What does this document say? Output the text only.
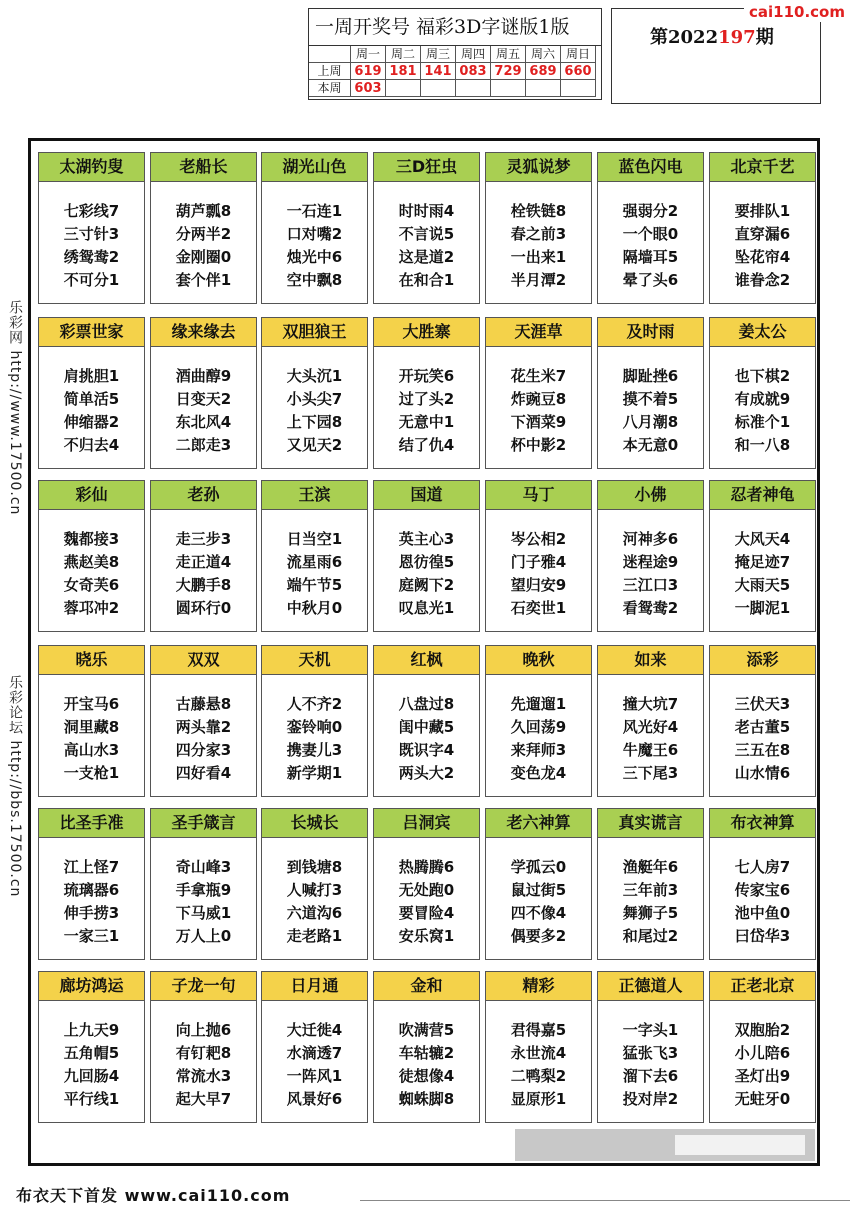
一周开奖号 福彩3D字谜版1版
周一 周二 周三 周四 周五 周六 周日
上周 619 181 141 083 729 689 660
本周 603
第2022197期
cai110.com
乐彩网 http://www.17500.cn
乐彩论坛 http://bbs.17500.cn
太湖钓叟
七彩线7
三寸针3
绣鸳鸯2
不可分1
老船长
葫芦瓢8
分两半2
金刚圈0
套个伴1
湖光山色
一石连1
口对嘴2
烛光中6
空中飘8
三D狂虫
时时雨4
不言说5
这是道2
在和合1
灵狐说梦
栓铁链8
春之前3
一出来1
半月潭2
蓝色闪电
强弱分2
一个眼0
隔墙耳5
晕了头6
北京千艺
要排队1
直穿漏6
坠花帘4
谁眷念2
彩票世家
肩挑胆1
简单活5
伸缩器2
不归去4
缘来缘去
酒曲醇9
日变天2
东北风4
二郎走3
双胆狼王
大头沉1
小头尖7
上下园8
又见天2
大胜寨
开玩笑6
过了头2
无意中1
结了仇4
天涯草
花生米7
炸豌豆8
下酒菜9
杯中影2
及时雨
脚趾挫6
摸不着5
八月潮8
本无意0
姜太公
也下棋2
有成就9
标准个1
和一八8
彩仙
魏都接3
燕赵美8
女奇芙6
蓉邛冲2
老孙
走三步3
走正道4
大鹏手8
圆环行0
王滨
日当空1
流星雨6
端午节5
中秋月0
国道
英主心3
恩彷徨5
庭阙下2
叹息光1
马丁
岑公相2
门子雅4
望归安9
石奕世1
小佛
河神多6
迷程途9
三江口3
看鸳鸯2
忍者神龟
大风天4
掩足迹7
大雨天5
一脚泥1
晓乐
开宝马6
洞里藏8
高山水3
一支枪1
双双
古藤悬8
两头靠2
四分家3
四好看4
天机
人不齐2
銮铃响0
携妻儿3
新学期1
红枫
八盘过8
闺中藏5
既识字4
两头大2
晚秋
先遛遛1
久回荡9
来拜师3
变色龙4
如来
撞大坑7
风光好4
牛魔王6
三下尾3
添彩
三伏天3
老古董5
三五在8
山水情6
比圣手准
江上怪7
琉璃器6
伸手捞3
一家三1
圣手箴言
奇山峰3
手拿瓶9
下马威1
万人上0
长城长
到钱塘8
人喊打3
六道沟6
走老路1
吕洞宾
热腾腾6
无处跑0
要冒险4
安乐窝1
老六神算
学孤云0
鼠过街5
四不像4
偶要多2
真实谎言
渔艇年6
三年前3
舞狮子5
和尾过2
布衣神算
七人房7
传家宝6
池中鱼0
曰岱华3
廊坊鸿运
上九天9
五角帽5
九回肠4
平行线1
子龙一句
向上抛6
有钉耙8
常流水3
起大早7
日月通
大迁徙4
水滴透7
一阵风1
风景好6
金和
吹满营5
车轱辘2
徒想像4
蜘蛛脚8
精彩
君得嘉5
永世流4
二鸭梨2
显原形1
正德道人
一字头1
猛张飞3
溜下去6
投对岸2
正老北京
双胞胎2
小儿陪6
圣灯出9
无蛀牙0
布衣天下首发 www.cai110.com
